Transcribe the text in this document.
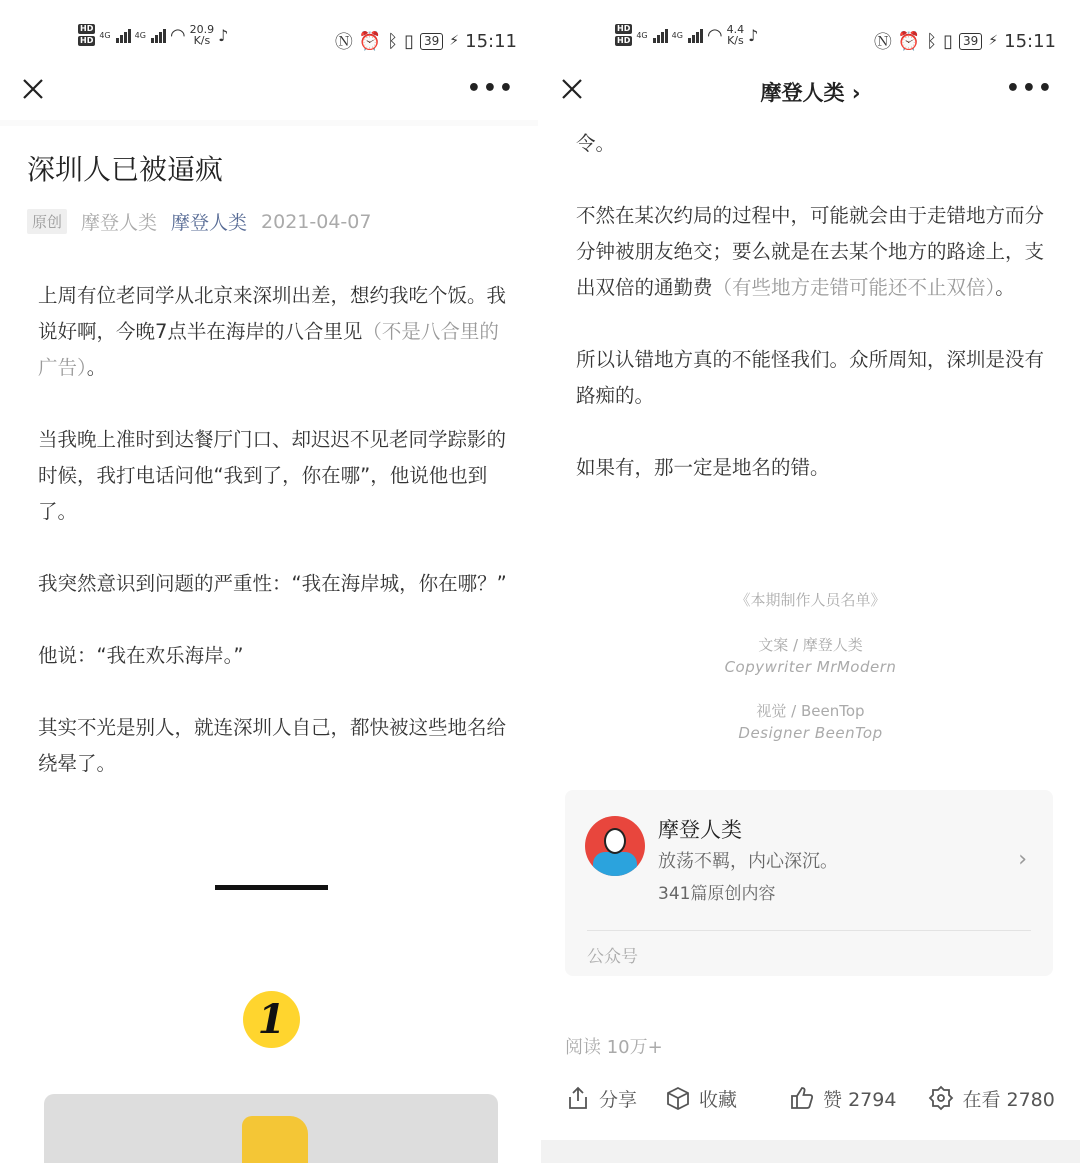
HD
HD
4G	4G ◠ 20.9
K/s ♪	Ⓝ ⏰ ᛒ ▯ 39 ⚡ 15:11
•••
深圳人已被逼疯
原创 摩登人类 摩登人类 2021-04-07

上周有位老同学从北京来深圳出差，想约我吃个饭。我说好啊，今晚7点半在海岸的八合里见（不是八合里的广告）。

当我晚上准时到达餐厅门口、却迟迟不见老同学踪影的时候，我打电话问他“我到了，你在哪”，他说他也到了。

我突然意识到问题的严重性：“我在海岸城，你在哪？”

他说：“我在欢乐海岸。”

其实不光是别人，就连深圳人自己，都快被这些地名给绕晕了。

1
HD
HD
4G	4G ◠ 4.4
K/s ♪	Ⓝ ⏰ ᛒ ▯ 39 ⚡ 15:11
摩登人类 ›	•••

令。

不然在某次约局的过程中，可能就会由于走错地方而分分钟被朋友绝交；要么就是在去某个地方的路途上，支出双倍的通勤费（有些地方走错可能还不止双倍）。

所以认错地方真的不能怪我们。众所周知，深圳是没有路痴的。

如果有，那一定是地名的错。

《本期制作人员名单》
文案 / 摩登人类
Copywriter MrModern
视觉 / BeenTop
Designer BeenTop
摩登人类
放荡不羁，内心深沉。
341篇原创内容
›
公众号
阅读 10万+
分享	收藏	赞 2794	在看 2780
